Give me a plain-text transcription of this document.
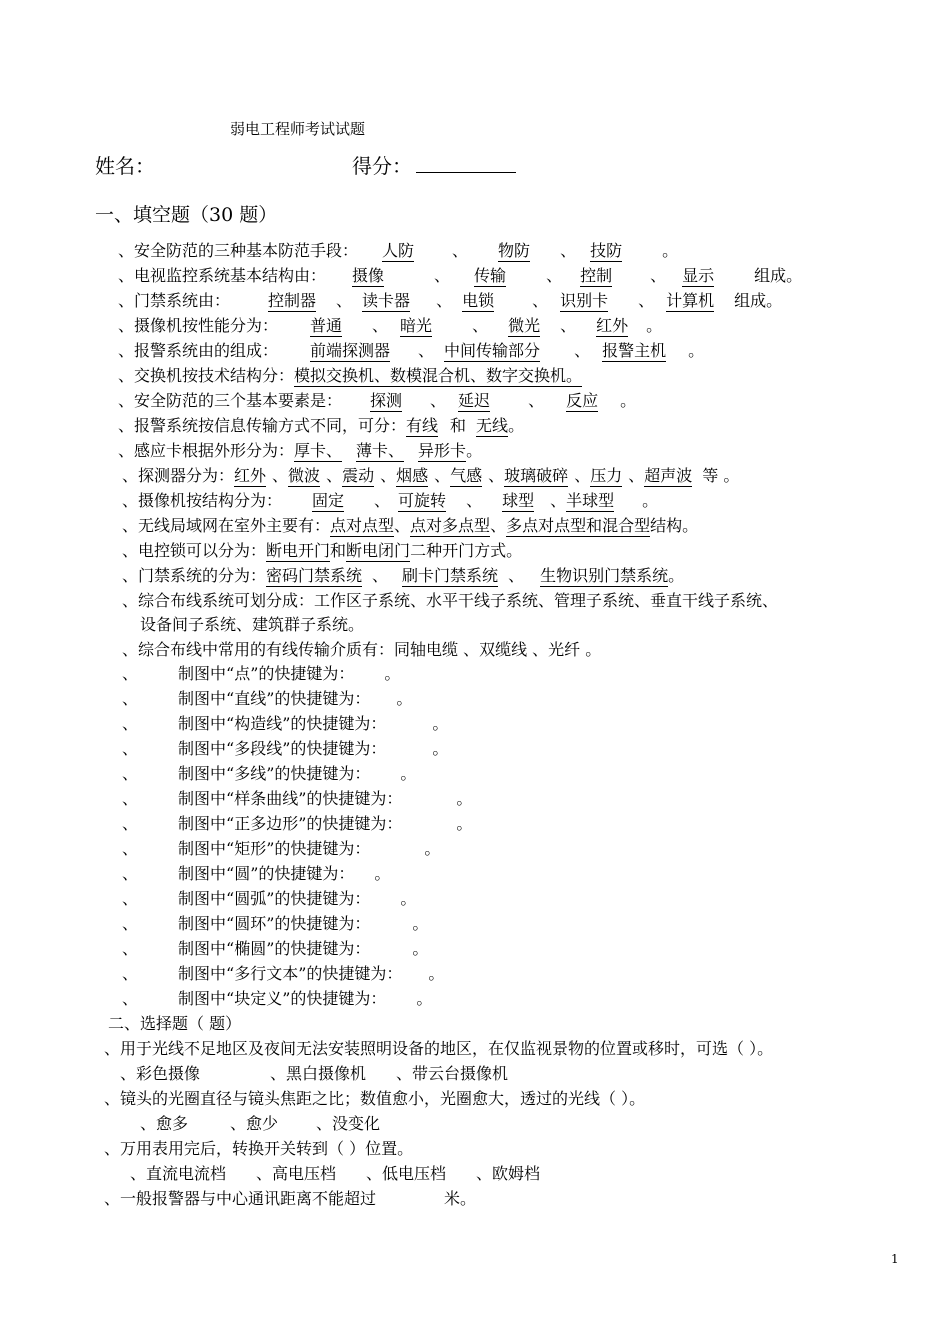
弱电工程师考试试题
姓名：	得分：
一、填空题（30 题）
、安全防范的三种基本防范手段： 人防 、 物防 、 技防	。
、电视监控系统基本结构由： 摄像	、 传输	、 控制 、 显示	组成。
、门禁系统由： 控制器 、 读卡器 、 电锁 、 识别卡 、 计算机 组成。
、摄像机按性能分为： 普通 、 暗光	、 微光 、 红外 。
、报警系统由的组成： 前端探测器 、 中间传输部分 、 报警主机 。
、交换机按技术结构分：模拟交换机、数模混合机、数字交换机。
、安全防范的三个基本要素是： 探测 、 延迟 、 反应 。
、报警系统按信息传输方式不同，可分：有线 和 无线。
、感应卡根据外形分为：厚卡、 薄卡、 异形卡。
、探测器分为：红外 、微波 、震动 、烟感 、气感 、玻璃破碎 、压力 、超声波 等 。
、摄像机按结构分为： 固定 、 可旋转 、 球型 、半球型 。
、无线局域网在室外主要有：点对点型、点对多点型、多点对点型和混合型结构。
、电控锁可以分为：断电开门和断电闭门二种开门方式。
、门禁系统的分为：密码门禁系统 、 刷卡门禁系统 、 生物识别门禁系统。
、综合布线系统可划分成：工作区子系统、水平干线子系统、管理子系统、垂直干线子系统、
设备间子系统、建筑群子系统。
、综合布线中常用的有线传输介质有：同轴电缆 、双缆线 、光纤 。
、	制图中“点”的快捷键为： 。
、	制图中“直线”的快捷键为： 。
、	制图中“构造线”的快捷键为：	。
、	制图中“多段线”的快捷键为：	。
、	制图中“多线”的快捷键为： 。
、	制图中“样条曲线”的快捷键为：	。
、	制图中“正多边形”的快捷键为：	。
、	制图中“矩形”的快捷键为：	。
、	制图中“圆”的快捷键为： 。
、	制图中“圆弧”的快捷键为： 。
、	制图中“圆环”的快捷键为：	。
、	制图中“椭圆”的快捷键为：	。
、	制图中“多行文本”的快捷键为： 。
、	制图中“块定义”的快捷键为： 。
二、选择题（ 题）
、用于光线不足地区及夜间无法安装照明设备的地区，在仅监视景物的位置或移时，可选（ ）。
、彩色摄像	、黑白摄像机 、带云台摄像机
、镜头的光圈直径与镜头焦距之比；数值愈小，光圈愈大，透过的光线（ ）。
、愈多	、愈少 、没变化
、万用表用完后，转换开关转到（ ）位置。
、直流电流档 、高电压档 、低电压档 、欧姆档
、一般报警器与中心通讯距离不能超过	米。
1
